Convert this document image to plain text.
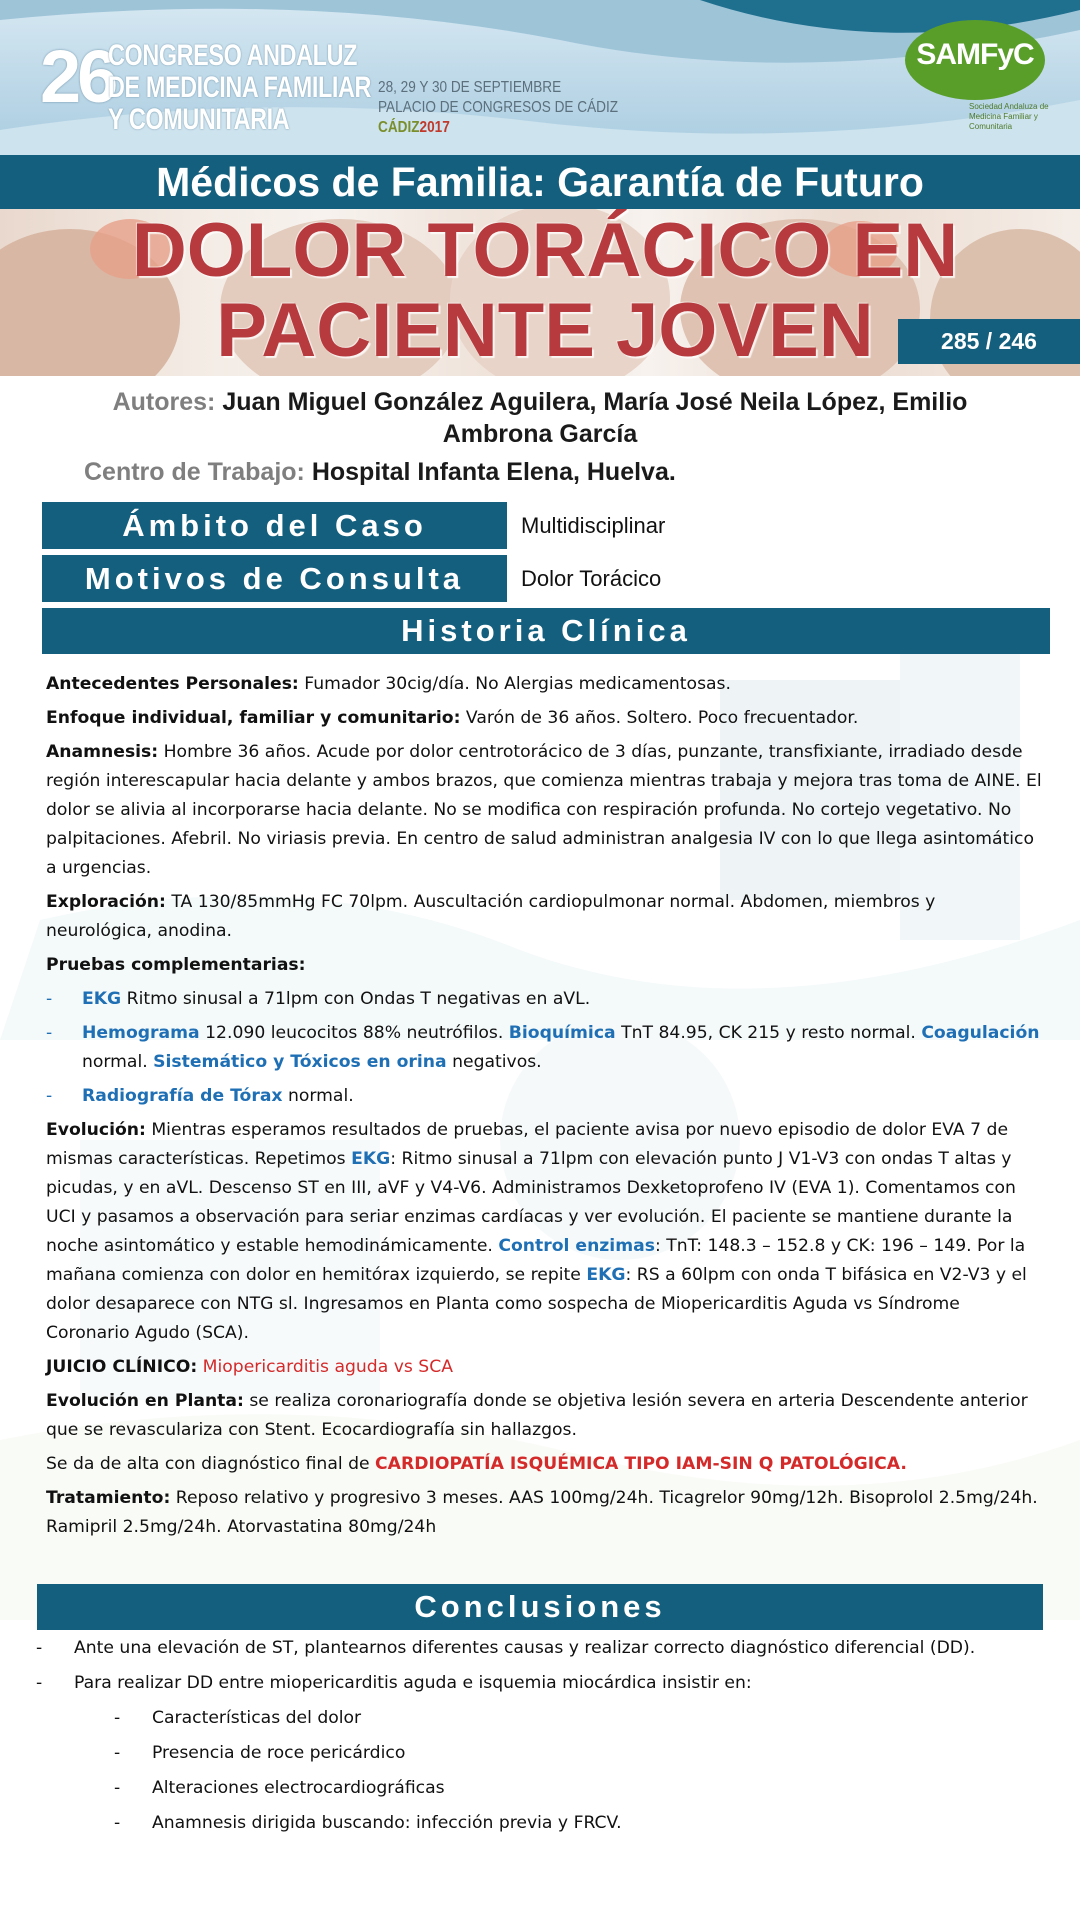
26
CONGRESO ANDALUZ
DE MEDICINA FAMILIAR
Y COMUNITARIA
28, 29 Y 30 DE SEPTIEMBRE
PALACIO DE CONGRESOS DE CÁDIZ
CÁDIZ2017
SAMFyC
Sociedad Andaluza de Medicina Familiar y Comunitaria
Médicos de Familia: Garantía de Futuro
DOLOR TORÁCICO EN
PACIENTE JOVEN	285 / 246
Autores: Juan Miguel González Aguilera, María José Neila López, Emilio
Ambrona García
Centro de Trabajo: Hospital Infanta Elena, Huelva.
Ámbito del Caso	Multidisciplinar
Motivos de Consulta	Dolor Torácico
Historia Clínica

Antecedentes Personales: Fumador 30cig/día. No Alergias medicamentosas.

Enfoque individual, familiar y comunitario: Varón de 36 años. Soltero. Poco frecuentador.

Anamnesis: Hombre 36 años. Acude por dolor centrotorácico de 3 días, punzante, transfixiante, irradiado desde región interescapular hacia delante y ambos brazos, que comienza mientras trabaja y mejora tras toma de AINE. El dolor se alivia al incorporarse hacia delante. No se modifica con respiración profunda. No cortejo vegetativo. No palpitaciones. Afebril. No viriasis previa. En centro de salud administran analgesia IV con lo que llega asintomático a urgencias.

Exploración: TA 130/85mmHg FC 70lpm. Auscultación cardiopulmonar normal. Abdomen, miembros y neurológica, anodina.

Pruebas complementarias:

- EKG Ritmo sinusal a 71lpm con Ondas T negativas en aVL.
- Hemograma 12.090 leucocitos 88% neutrófilos. Bioquímica TnT 84.95, CK 215 y resto normal. Coagulación normal. Sistemático y Tóxicos en orina negativos.
- Radiografía de Tórax normal.

Evolución: Mientras esperamos resultados de pruebas, el paciente avisa por nuevo episodio de dolor EVA 7 de mismas características. Repetimos EKG: Ritmo sinusal a 71lpm con elevación punto J V1-V3 con ondas T altas y picudas, y en aVL. Descenso ST en III, aVF y V4-V6. Administramos Dexketoprofeno IV (EVA 1). Comentamos con UCI y pasamos a observación para seriar enzimas cardíacas y ver evolución. El paciente se mantiene durante la noche asintomático y estable hemodinámicamente. Control enzimas: TnT: 148.3 – 152.8 y CK: 196 – 149. Por la mañana comienza con dolor en hemitórax izquierdo, se repite EKG: RS a 60lpm con onda T bifásica en V2-V3 y el dolor desaparece con NTG sl. Ingresamos en Planta como sospecha de Miopericarditis Aguda vs Síndrome Coronario Agudo (SCA).

JUICIO CLÍNICO: Miopericarditis aguda vs SCA

Evolución en Planta: se realiza coronariografía donde se objetiva lesión severa en arteria Descendente anterior que se revasculariza con Stent. Ecocardiografía sin hallazgos.

Se da de alta con diagnóstico final de CARDIOPATÍA ISQUÉMICA TIPO IAM-SIN Q PATOLÓGICA.

Tratamiento: Reposo relativo y progresivo 3 meses. AAS 100mg/24h. Ticagrelor 90mg/12h. Bisoprolol 2.5mg/24h. Ramipril 2.5mg/24h. Atorvastatina 80mg/24h

Conclusiones
- Ante una elevación de ST, plantearnos diferentes causas y realizar correcto diagnóstico diferencial (DD).
- Para realizar DD entre miopericarditis aguda e isquemia miocárdica insistir en:
- Características del dolor
- Presencia de roce pericárdico
- Alteraciones electrocardiográficas
- Anamnesis dirigida buscando: infección previa y FRCV.
